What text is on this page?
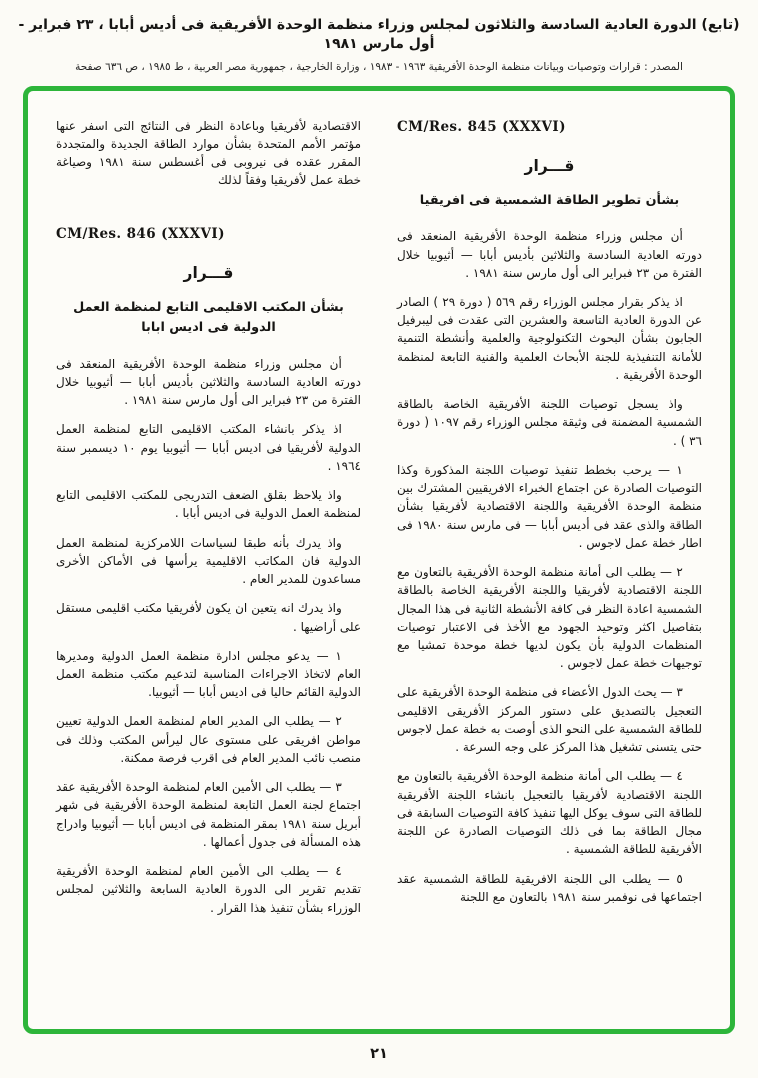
(تابع) الدورة العادية السادسة والثلاثون لمجلس وزراء منظمة الوحدة الأفريقية فى أديس أبابا ، ٢٣ فبراير - أول مارس ١٩٨١
المصدر : قرارات وتوصيات وبيانات منظمة الوحدة الأفريقية ١٩٦٣ - ١٩٨٣ ، وزارة الخارجية ، جمهورية مصر العربية ، ط ١٩٨٥ ، ص ٦٣٦ صفحة
CM/Res. 845 (XXXVI)
قـــرار
بشأن تطوير الطاقة الشمسية فى افريقيا

أن مجلس وزراء منظمة الوحدة الأفريقية المنعقد فى دورته العادية السادسة والثلاثين بأديس أبابا — أثيوبيا خلال الفترة من ٢٣ فبراير الى أول مارس سنة ١٩٨١ .

اذ يذكر بقرار مجلس الوزراء رقم ٥٦٩ ( دورة ٢٩ ) الصادر عن الدورة العادية التاسعة والعشرين التى عقدت فى ليبرفيل الجابون بشأن البحوث التكنولوجية والعلمية وأنشطة التنمية للأمانة التنفيذية للجنة الأبحاث العلمية والفنية التابعة لمنظمة الوحدة الأفريقية .

واذ يسجل توصيات اللجنة الأفريقية الخاصة بالطاقة الشمسية المضمنة فى وثيقة مجلس الوزراء رقم ١٠٩٧ ( دورة ٣٦ ) .

١ — يرحب بخطط تنفيذ توصيات اللجنة المذكورة وكذا التوصيات الصادرة عن اجتماع الخبراء الافريقيين المشترك بين منظمة الوحدة الأفريقية واللجنة الاقتصادية لأفريقيا بشأن الطاقة والذى عقد فى أديس أبابا — فى مارس سنة ١٩٨٠ فى اطار خطة عمل لاجوس .

٢ — يطلب الى أمانة منظمة الوحدة الأفريقية بالتعاون مع اللجنة الاقتصادية لأفريقيا واللجنة الأفريقية الخاصة بالطاقة الشمسية اعادة النظر فى كافة الأنشطة الثانية فى هذا المجال بتفاصيل اكثر وتوحيد الجهود مع الأخذ فى الاعتبار توصيات المنظمات الدولية بأن يكون لديها خطة موحدة تمشيا مع توجيهات خطة عمل لاجوس .

٣ — يحث الدول الأعضاء فى منظمة الوحدة الأفريقية على التعجيل بالتصديق على دستور المركز الأفريقى الاقليمى للطاقة الشمسية على النحو الذى أوصت به خطة عمل لاجوس حتى يتسنى تشغيل هذا المركز على وجه السرعة .

٤ — يطلب الى أمانة منظمة الوحدة الأفريقية بالتعاون مع اللجنة الاقتصادية لأفريقيا بالتعجيل بانشاء اللجنة الأفريقية للطاقة التى سوف يوكل اليها تنفيذ كافة التوصيات السابقة فى مجال الطاقة بما فى ذلك التوصيات الصادرة عن اللجنة الأفريقية للطاقة الشمسية .

٥ — يطلب الى اللجنة الافريقية للطاقة الشمسية عقد اجتماعها فى نوفمبر سنة ١٩٨١ بالتعاون مع اللجنة

الاقتصادية لأفريقيا وباعادة النظر فى النتائج التى اسفر عنها مؤتمر الأمم المتحدة بشأن موارد الطاقة الجديدة والمتجددة المقرر عقده فى نيروبى فى أغسطس سنة ١٩٨١ وصياغة خطة عمل لأفريقيا وفقاً لذلك

CM/Res. 846 (XXXVI)
قـــرار
بشأن المكتب الاقليمى التابع لمنظمة العمل الدولية فى اديس ابابا

أن مجلس وزراء منظمة الوحدة الأفريقية المنعقد فى دورته العادية السادسة والثلاثين بأديس أبابا — أثيوبيا خلال الفترة من ٢٣ فبراير الى أول مارس سنة ١٩٨١ .

اذ يذكر بانشاء المكتب الاقليمى التابع لمنظمة العمل الدولية لأفريقيا فى اديس أبابا — أثيوبيا يوم ١٠ ديسمبر سنة ١٩٦٤ .

واذ يلاحظ بقلق الضعف التدريجى للمكتب الاقليمى التابع لمنظمة العمل الدولية فى اديس أبابا .

واذ يدرك بأنه طبقا لسياسات اللامركزية لمنظمة العمل الدولية فان المكاتب الاقليمية يرأسها فى الأماكن الأخرى مساعدون للمدير العام .

واذ يدرك انه يتعين ان يكون لأفريقيا مكتب اقليمى مستقل على أراضيها .

١ — يدعو مجلس ادارة منظمة العمل الدولية ومديرها العام لاتخاذ الاجراءات المناسبة لتدعيم مكتب منظمة العمل الدولية القائم حاليا فى اديس أبابا — أثيوبيا.

٢ — يطلب الى المدير العام لمنظمة العمل الدولية تعيين مواطن افريقى على مستوى عال ليرأس المكتب وذلك فى منصب نائب المدير العام فى اقرب فرصة ممكنة.

٣ — يطلب الى الأمين العام لمنظمة الوحدة الأفريقية عقد اجتماع لجنة العمل التابعة لمنظمة الوحدة الأفريقية فى شهر أبريل سنة ١٩٨١ بمقر المنظمة فى اديس أبابا — أثيوبيا وادراج هذه المسألة فى جدول أعمالها .

٤ — يطلب الى الأمين العام لمنظمة الوحدة الأفريقية تقديم تقرير الى الدورة العادية السابعة والثلاثين لمجلس الوزراء بشأن تنفيذ هذا القرار .

٢١
